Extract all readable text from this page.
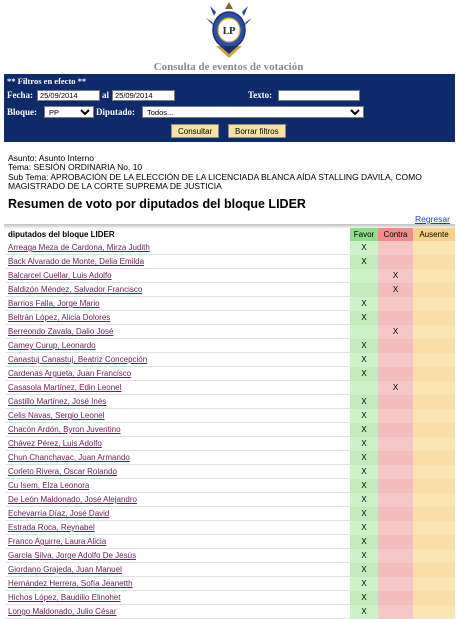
LP
Consulta de eventos de votación
** Filtros en efecto **
Fecha:
25/09/2014	al
25/09/2014	Texto:
Bloque:
PP	Diputado:
Todos...
Consultar	Borrar filtros
Asunto: Asunto Interno
Tema: SESIÓN ORDINARIA No. 10
Sub Tema: APROBACIÓN DE LA ELECCIÓN DE LA LICENCIADA BLANCA AÍDA STALLING DAVILA, COMO MAGISTRADO DE LA CORTE SUPREMA DE JUSTICIA
Resumen de voto por diputados del bloque LIDER
Regresar
diputados del bloque LIDER	Favor	Contra	Ausente
Arreaga Meza de Cardona, Mirza Judith	X		
Back Alvarado de Monte, Delia Emilda	X		
Balcarcel Cuellar, Luis Adolfo		X	
Baldizón Méndez, Salvador Francisco		X	
Barrios Falla, Jorge Mario	X		
Beltrán López, Alicia Dolores	X		
Berreondo Zavala, Dalio José		X	
Camey Curup, Leonardo	X		
Canastuj Canastuj, Beatriz Concepción	X		
Cardenas Argueta, Juan Francisco	X		
Casasola Martínez, Edin Leonel		X	
Castillo Martínez, José Inés	X		
Celis Navas, Sergio Leonel	X		
Chacón Ardón, Byron Juventino	X		
Chávez Pérez, Luis Adolfo	X		
Chun Chanchavac, Juan Armando	X		
Corleto Rivera, Oscar Rolando	X		
Cu Isem, Elza Leonora	X		
De León Maldonado, José Alejandro	X		
Echevarría Díaz, José David	X		
Estrada Roca, Reynabel	X		
Franco Aguirre, Laura Alicia	X		
García Silva, Jorge Adolfo De Jesús	X		
Giordano Grajeda, Juan Manuel	X		
Hernández Herrera, Sofía Jeanetth	X		
Hichos López, Baudilio Elinohet	X		
Longo Maldonado, Julio César	X		
